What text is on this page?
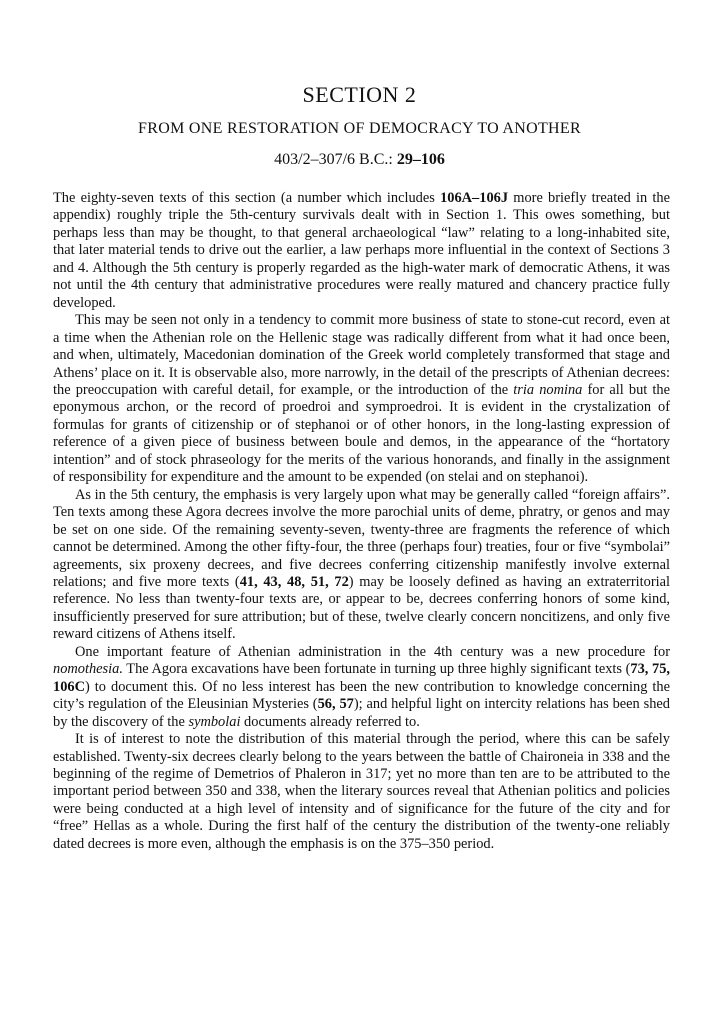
SECTION 2
FROM ONE RESTORATION OF DEMOCRACY TO ANOTHER
403/2–307/6 B.C.: 29–106

The eighty-seven texts of this section (a number which includes 106A–106J more briefly treated in the appendix) roughly triple the 5th-century survivals dealt with in Section 1. This owes something, but perhaps less than may be thought, to that general archaeological “law” relating to a long-inhabited site, that later material tends to drive out the earlier, a law perhaps more influential in the context of Sections 3 and 4. Although the 5th century is properly regarded as the high-water mark of democratic Athens, it was not until the 4th century that administrative procedures were really matured and chancery practice fully developed.

This may be seen not only in a tendency to commit more business of state to stone-cut record, even at a time when the Athenian role on the Hellenic stage was radically different from what it had once been, and when, ultimately, Macedonian domination of the Greek world completely transformed that stage and Athens’ place on it. It is observable also, more narrowly, in the detail of the prescripts of Athenian decrees: the preoccupation with careful detail, for example, or the introduction of the tria nomina for all but the eponymous archon, or the record of proedroi and symproedroi. It is evident in the crystalization of formulas for grants of citizenship or of stephanoi or of other honors, in the long-lasting expression of reference of a given piece of business between boule and demos, in the appearance of the “hortatory intention” and of stock phraseology for the merits of the various honorands, and finally in the assignment of responsibility for expenditure and the amount to be expended (on stelai and on stephanoi).

As in the 5th century, the emphasis is very largely upon what may be generally called “foreign affairs”. Ten texts among these Agora decrees involve the more parochial units of deme, phratry, or genos and may be set on one side. Of the remaining seventy-seven, twenty-three are fragments the reference of which cannot be determined. Among the other fifty-four, the three (perhaps four) treaties, four or five “symbolai” agreements, six proxeny decrees, and five decrees conferring citizenship manifestly involve external relations; and five more texts (41, 43, 48, 51, 72) may be loosely defined as having an extraterritorial reference. No less than twenty-four texts are, or appear to be, decrees conferring honors of some kind, insufficiently preserved for sure attribution; but of these, twelve clearly concern noncitizens, and only five reward citizens of Athens itself.

One important feature of Athenian administration in the 4th century was a new procedure for nomothesia. The Agora excavations have been fortunate in turning up three highly significant texts (73, 75, 106C) to document this. Of no less interest has been the new contribution to knowledge concerning the city’s regulation of the Eleusinian Mysteries (56, 57); and helpful light on intercity relations has been shed by the discovery of the symbolai documents already referred to.

It is of interest to note the distribution of this material through the period, where this can be safely established. Twenty-six decrees clearly belong to the years between the battle of Chaironeia in 338 and the beginning of the regime of Demetrios of Phaleron in 317; yet no more than ten are to be attributed to the important period between 350 and 338, when the literary sources reveal that Athenian politics and policies were being conducted at a high level of intensity and of significance for the future of the city and for “free” Hellas as a whole. During the first half of the century the distribution of the twenty-one reliably dated decrees is more even, although the emphasis is on the 375–350 period.
